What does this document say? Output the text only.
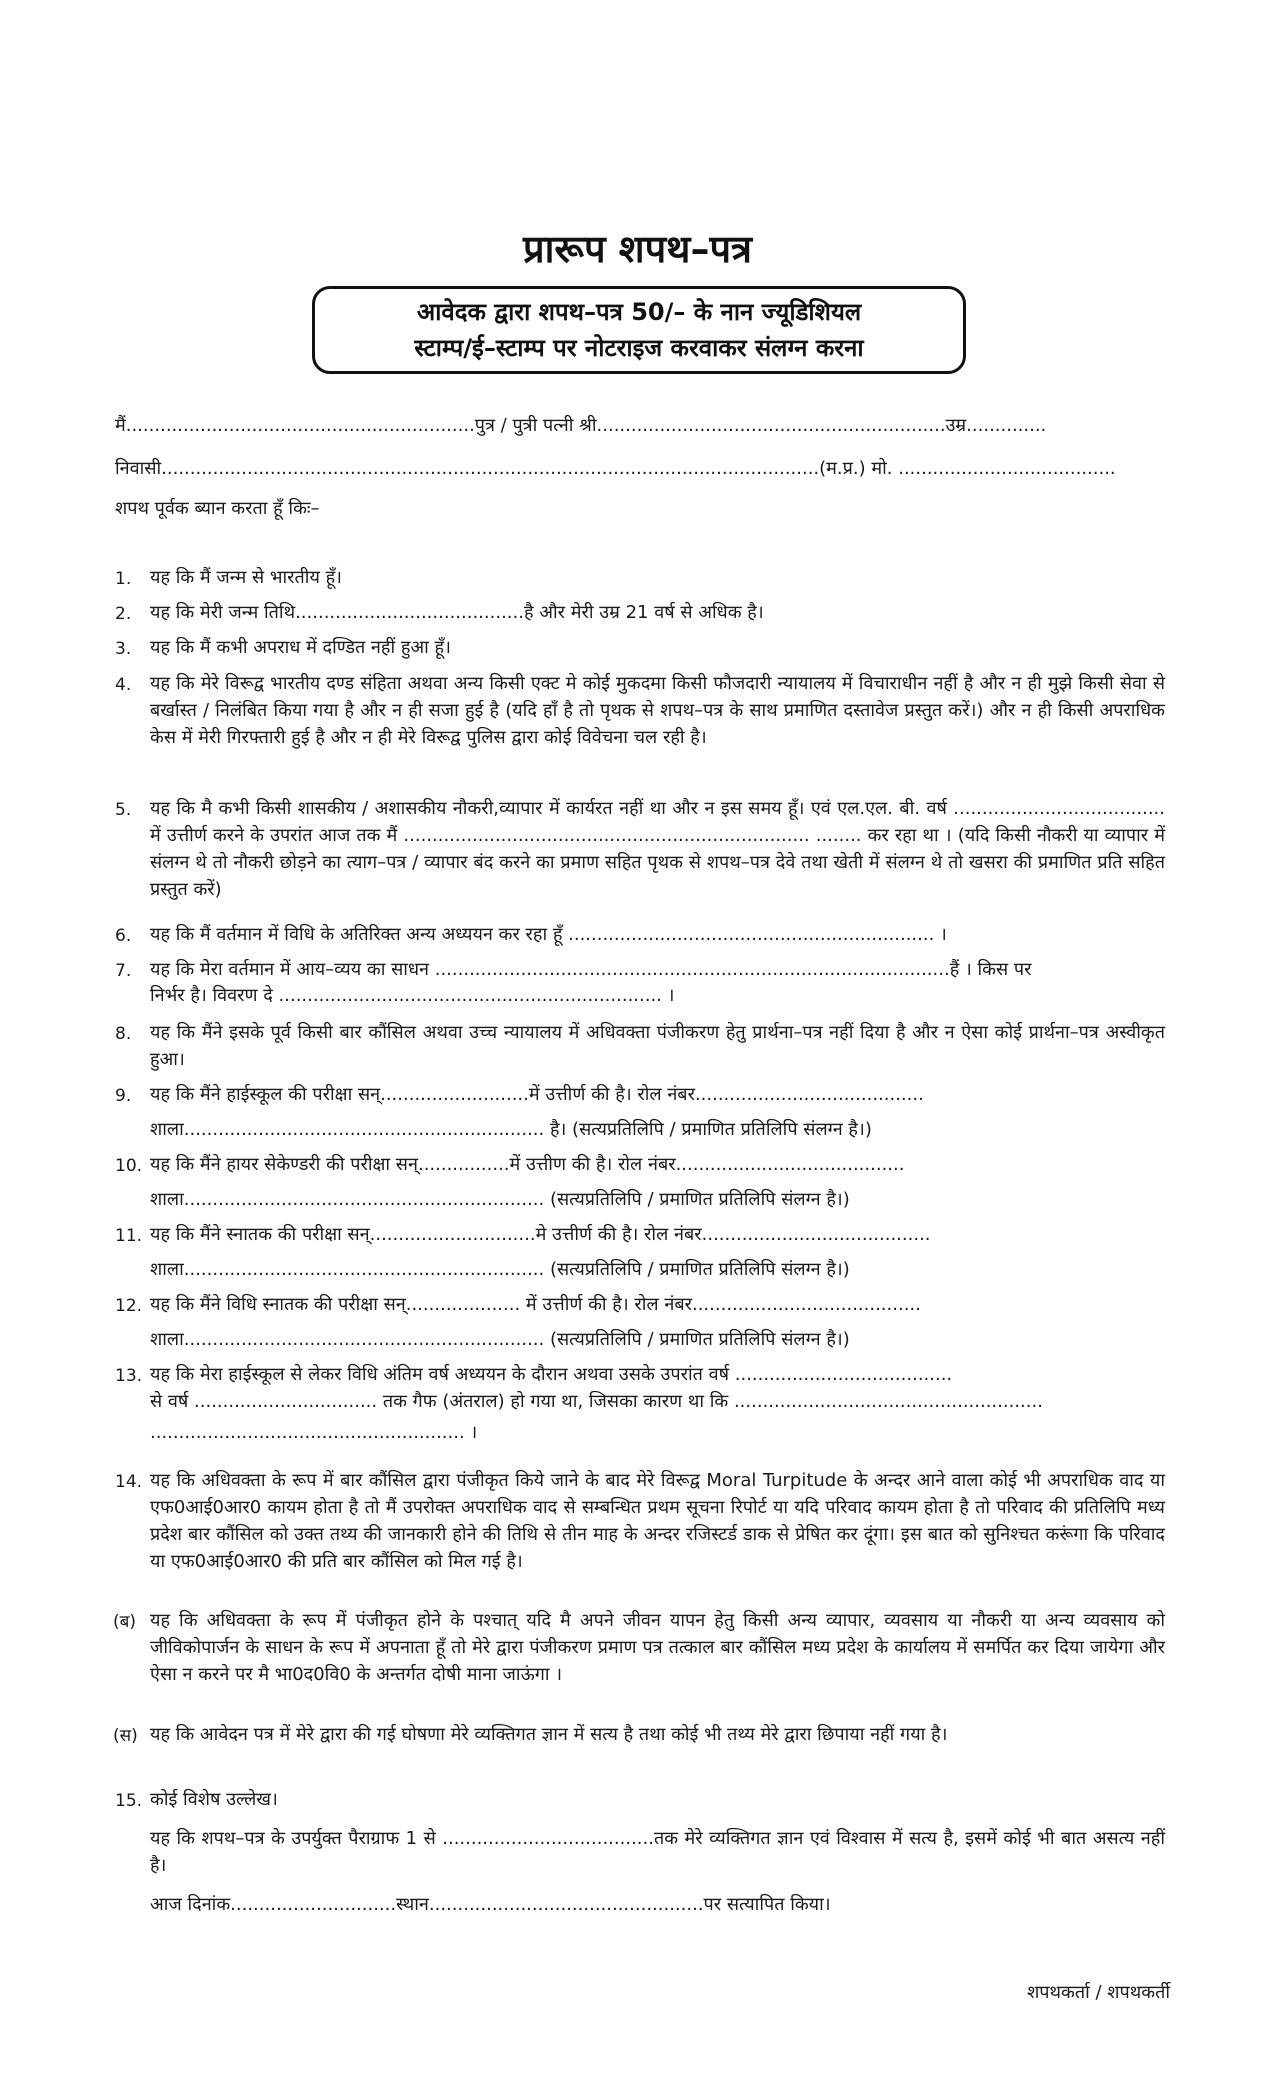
प्रारूप शपथ–पत्र
आवेदक द्वारा शपथ–पत्र 50/– के नान ज्यूडिशियल
स्टाम्प/ई–स्टाम्प पर नोटराइज करवाकर संलग्न करना
मैं.............................................................पुत्र / पुत्री पत्नी श्री.............................................................उम्र..............
निवासी...................................................................................................................(म.प्र.) मो. ......................................
शपथ पूर्वक ब्यान करता हूँ किः–
1. यह कि मैं जन्म से भारतीय हूँ।
2. यह कि मेरी जन्म तिथि........................................है और मेरी उम्र 21 वर्ष से अधिक है।
3. यह कि मैं कभी अपराध में दण्डित नहीं हुआ हूँ।
4. यह कि मेरे विरूद्व भारतीय दण्ड संहिता अथवा अन्य किसी एक्ट मे कोई मुकदमा किसी फौजदारी न्यायालय में विचाराधीन नहीं है और न ही मुझे किसी सेवा से बर्खास्त / निलंबित किया गया है और न ही सजा हुई है (यदि हॉं है तो पृथक से शपथ–पत्र के साथ प्रमाणित दस्तावेज प्रस्तुत करें।) और न ही किसी अपराधिक केस में मेरी गिरफ्तारी हुई है और न ही मेरे विरूद्व पुलिस द्वारा कोई विवेचना चल रही है।
5. यह कि मै कभी किसी शासकीय / अशासकीय नौकरी,व्यापार में कार्यरत नहीं था और न इस समय हूँ। एवं एल.एल. बी. वर्ष ..................................... में उत्तीर्ण करने के उपरांत आज तक मैं ....................................................................... ........ कर रहा था । (यदि किसी नौकरी या व्यापार में संलग्न थे तो नौकरी छोड़ने का त्याग–पत्र / व्यापार बंद करने का प्रमाण सहित पृथक से शपथ–पत्र देवे तथा खेती में संलग्न थे तो खसरा की प्रमाणित प्रति सहित प्रस्तुत करें)
6. यह कि मैं वर्तमान में विधि के अतिरिक्त अन्य अध्ययन कर रहा हूँ ................................................................ ।
7. यह कि मेरा वर्तमान में आय–व्यय का साधन ..........................................................................................हैं । किस पर
निर्भर है। विवरण दे ................................................................... ।
8. यह कि मैंने इसके पूर्व किसी बार कौंसिल अथवा उच्च न्यायालय में अधिवक्ता पंजीकरण हेतु प्रार्थना–पत्र नहीं दिया है और न ऐसा कोई प्रार्थना–पत्र अस्वीकृत हुआ।
9. यह कि मैंने हाईस्कूल की परीक्षा सन्..........................में उत्तीर्ण की है। रोल नंबर........................................
शाला............................................................... है। (सत्यप्रतिलिपि / प्रमाणित प्रतिलिपि संलग्न है।)
10. यह कि मैंने हायर सेकेण्डरी की परीक्षा सन्................में उत्तीण की है। रोल नंबर........................................
शाला............................................................... (सत्यप्रतिलिपि / प्रमाणित प्रतिलिपि संलग्न है।)
11. यह कि मैंने स्नातक की परीक्षा सन्.............................मे उत्तीर्ण की है। रोल नंबर........................................
शाला............................................................... (सत्यप्रतिलिपि / प्रमाणित प्रतिलिपि संलग्न है।)
12. यह कि मैंने विधि स्नातक की परीक्षा सन्.................... में उत्तीर्ण की है। रोल नंबर........................................
शाला............................................................... (सत्यप्रतिलिपि / प्रमाणित प्रतिलिपि संलग्न है।)
13. यह कि मेरा हाईस्कूल से लेकर विधि अंतिम वर्ष अध्ययन के दौरान अथवा उसके उपरांत वर्ष ......................................
से वर्ष ................................ तक गैफ (अंतराल) हो गया था, जिसका कारण था कि ......................................................
....................................................... ।
14. यह कि अधिवक्ता के रूप में बार कौंसिल द्वारा पंजीकृत किये जाने के बाद मेरे विरूद्व Moral Turpitude के अन्दर आने वाला कोई भी अपराधिक वाद या एफ0आई0आर0 कायम होता है तो मैं उपरोक्त अपराधिक वाद से सम्बन्धित प्रथम सूचना रिपोर्ट या यदि परिवाद कायम होता है तो परिवाद की प्रतिलिपि मध्य प्रदेश बार कौंसिल को उक्त तथ्य की जानकारी होने की तिथि से तीन माह के अन्दर रजिस्टर्ड डाक से प्रेषित कर दूंगा। इस बात को सुनिश्चत करूंगा कि परिवाद या एफ0आई0आर0 की प्रति बार कौंसिल को मिल गई है।
(ब) यह कि अधिवक्ता के रूप में पंजीकृत होने के पश्चात् यदि मै अपने जीवन यापन हेतु किसी अन्य व्यापार, व्यवसाय या नौकरी या अन्य व्यवसाय को जीविकोपार्जन के साधन के रूप में अपनाता हूँ तो मेरे द्वारा पंजीकरण प्रमाण पत्र तत्काल बार कौंसिल मध्य प्रदेश के कार्यालय में समर्पित कर दिया जायेगा और ऐसा न करने पर मै भा0द0वि0 के अन्तर्गत दोषी माना जाऊंगा ।
(स) यह कि आवेदन पत्र में मेरे द्वारा की गई घोषणा मेरे व्यक्तिगत ज्ञान में सत्य है तथा कोई भी तथ्य मेरे द्वारा छिपाया नहीं गया है।
15. कोई विशेष उल्लेख।
यह कि शपथ–पत्र के उपर्युक्त पैराग्राफ 1 से .....................................तक मेरे व्यक्तिगत ज्ञान एवं विश्वास में सत्य है, इसमें कोई भी बात असत्य नहीं है।
आज दिनांक.............................स्थान................................................पर सत्यापित किया।
शपथकर्ता / शपथकर्ती
